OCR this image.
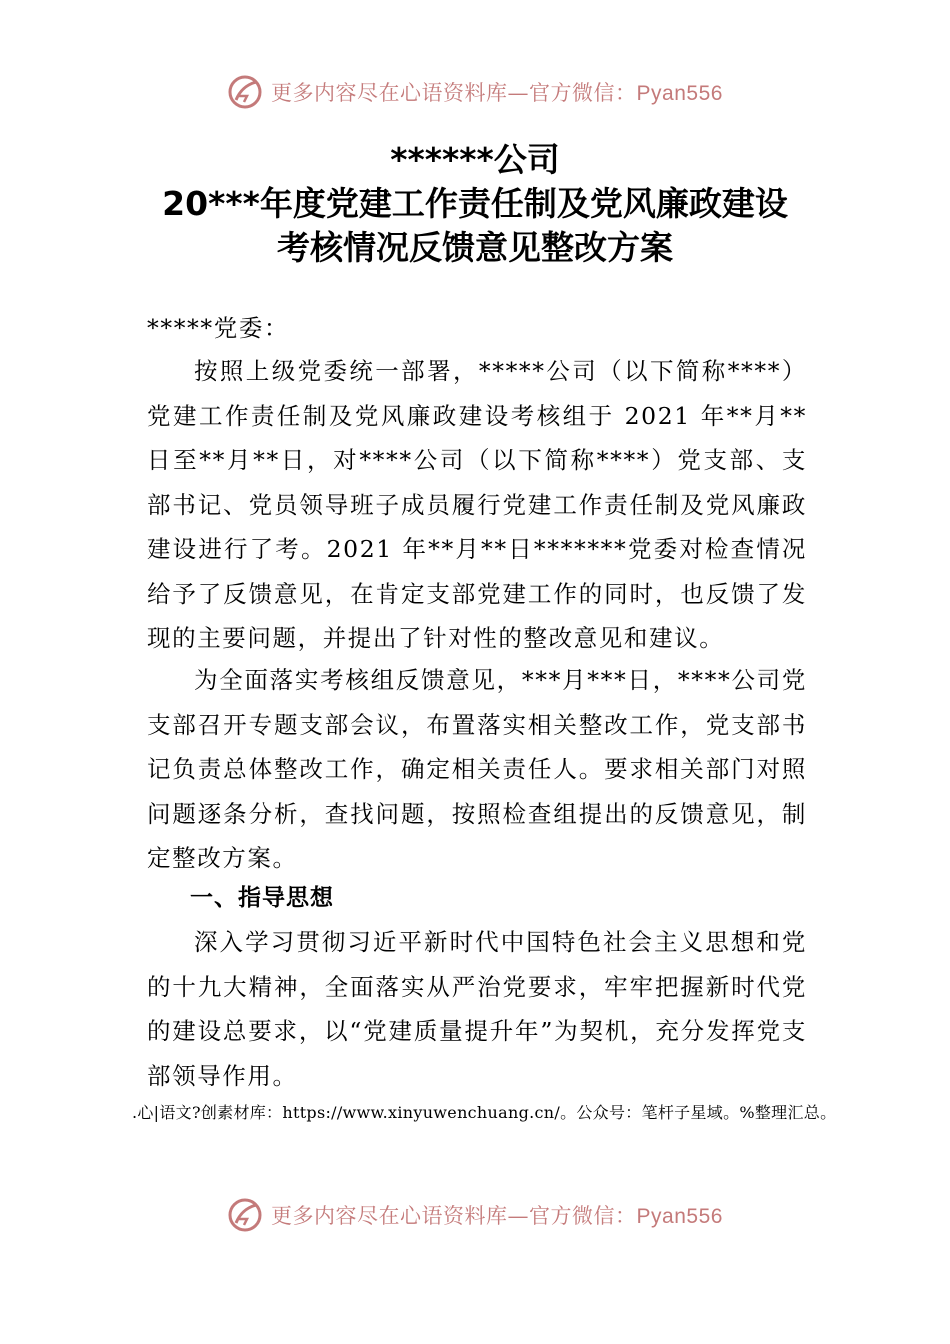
更多内容尽在心语资料库—官方微信：Pyan556
******公司
20***年度党建工作责任制及党风廉政建设
考核情况反馈意见整改方案
*****党委：
按照上级党委统一部署，*****公司（以下简称****）党建工作责任制及党风廉政建设考核组于 2021 年**月**日至**月**日，对****公司（以下简称****）党支部、支部书记、党员领导班子成员履行党建工作责任制及党风廉政建设进行了考。2021 年**月**日*******党委对检查情况给予了反馈意见，在肯定支部党建工作的同时，也反馈了发现的主要问题，并提出了针对性的整改意见和建议。
为全面落实考核组反馈意见，***月***日，****公司党支部召开专题支部会议，布置落实相关整改工作，党支部书记负责总体整改工作，确定相关责任人。要求相关部门对照问题逐条分析，查找问题，按照检查组提出的反馈意见，制定整改方案。
一、指导思想
深入学习贯彻习近平新时代中国特色社会主义思想和党的十九大精神，全面落实从严治党要求，牢牢把握新时代党的建设总要求，以“党建质量提升年”为契机，充分发挥党支部领导作用。
.心|语文?创素材库：https://www.xinyuwenchuang.cn/。公众号：笔杆子星域。%整理汇总。
更多内容尽在心语资料库—官方微信：Pyan556
